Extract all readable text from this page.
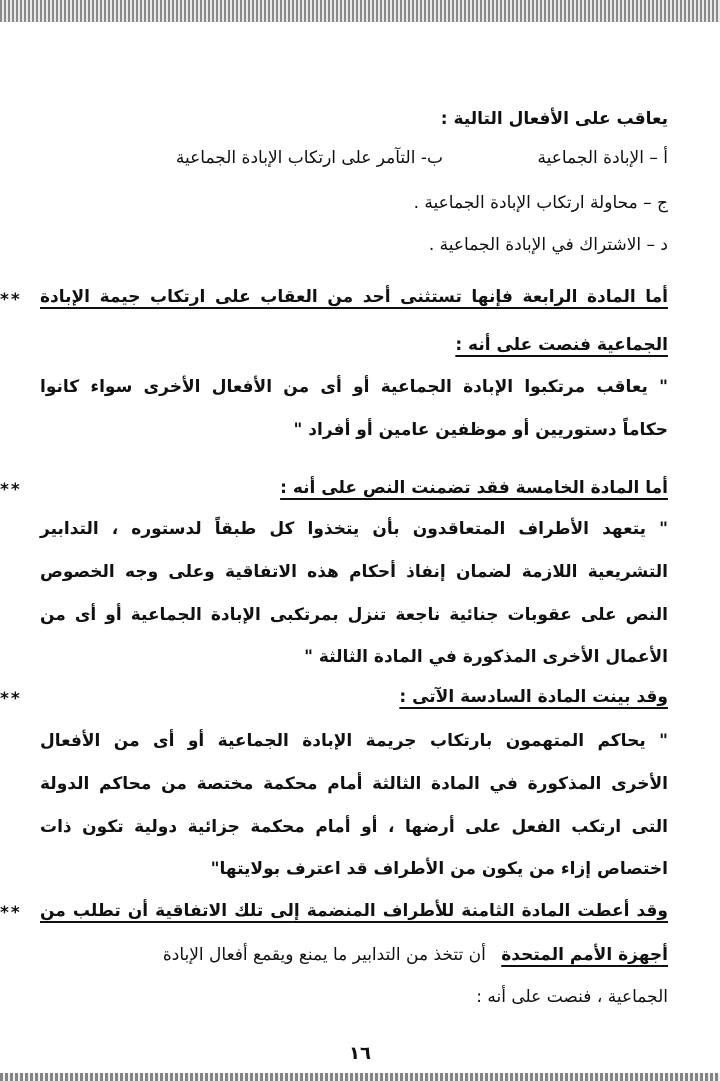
يعاقب على الأفعال التالية :
أ – الإبادة الجماعية
ب- التآمر على ارتكاب الإبادة الجماعية
ج – محاولة ارتكاب الإبادة الجماعية .
د – الاشتراك في الإبادة الجماعية .
** أما المادة الرابعة فإنها تستثنى أحد من العقاب على ارتكاب جيمة الإبادة
الجماعية فنصت على أنه :
" يعاقب مرتكبوا الإبادة الجماعية أو أى من الأفعال الأخرى سواء كانوا
حكاماً دستوريين أو موظفين عامين أو أفراد "
**	أما المادة الخامسة فقد تضمنت النص على أنه :
" يتعهد الأطراف المتعاقدون بأن يتخذوا كل طبقاً لدستوره ، التدابير
التشريعية اللازمة لضمان إنفاذ أحكام هذه الاتفاقية وعلى وجه الخصوص
النص على عقوبات جنائية ناجعة تنزل بمرتكبى الإبادة الجماعية أو أى من
الأعمال الأخرى المذكورة في المادة الثالثة "
**	وقد بينت المادة السادسة الآتى :
" يحاكم المتهمون بارتكاب جريمة الإبادة الجماعية أو أى من الأفعال
الأخرى المذكورة في المادة الثالثة أمام محكمة مختصة من محاكم الدولة
التى ارتكب الفعل على أرضها ، أو أمام محكمة جزائية دولية تكون ذات
اختصاص إزاء من يكون من الأطراف قد اعترف بولايتها"
** وقد أعطت المادة الثامنة للأطراف المنضمة إلى تلك الاتفاقية أن تطلب من
أجهزة الأمم المتحدة أن تتخذ من التدابير ما يمنع ويقمع أفعال الإبادة
الجماعية ، فنصت على أنه :
١٦
